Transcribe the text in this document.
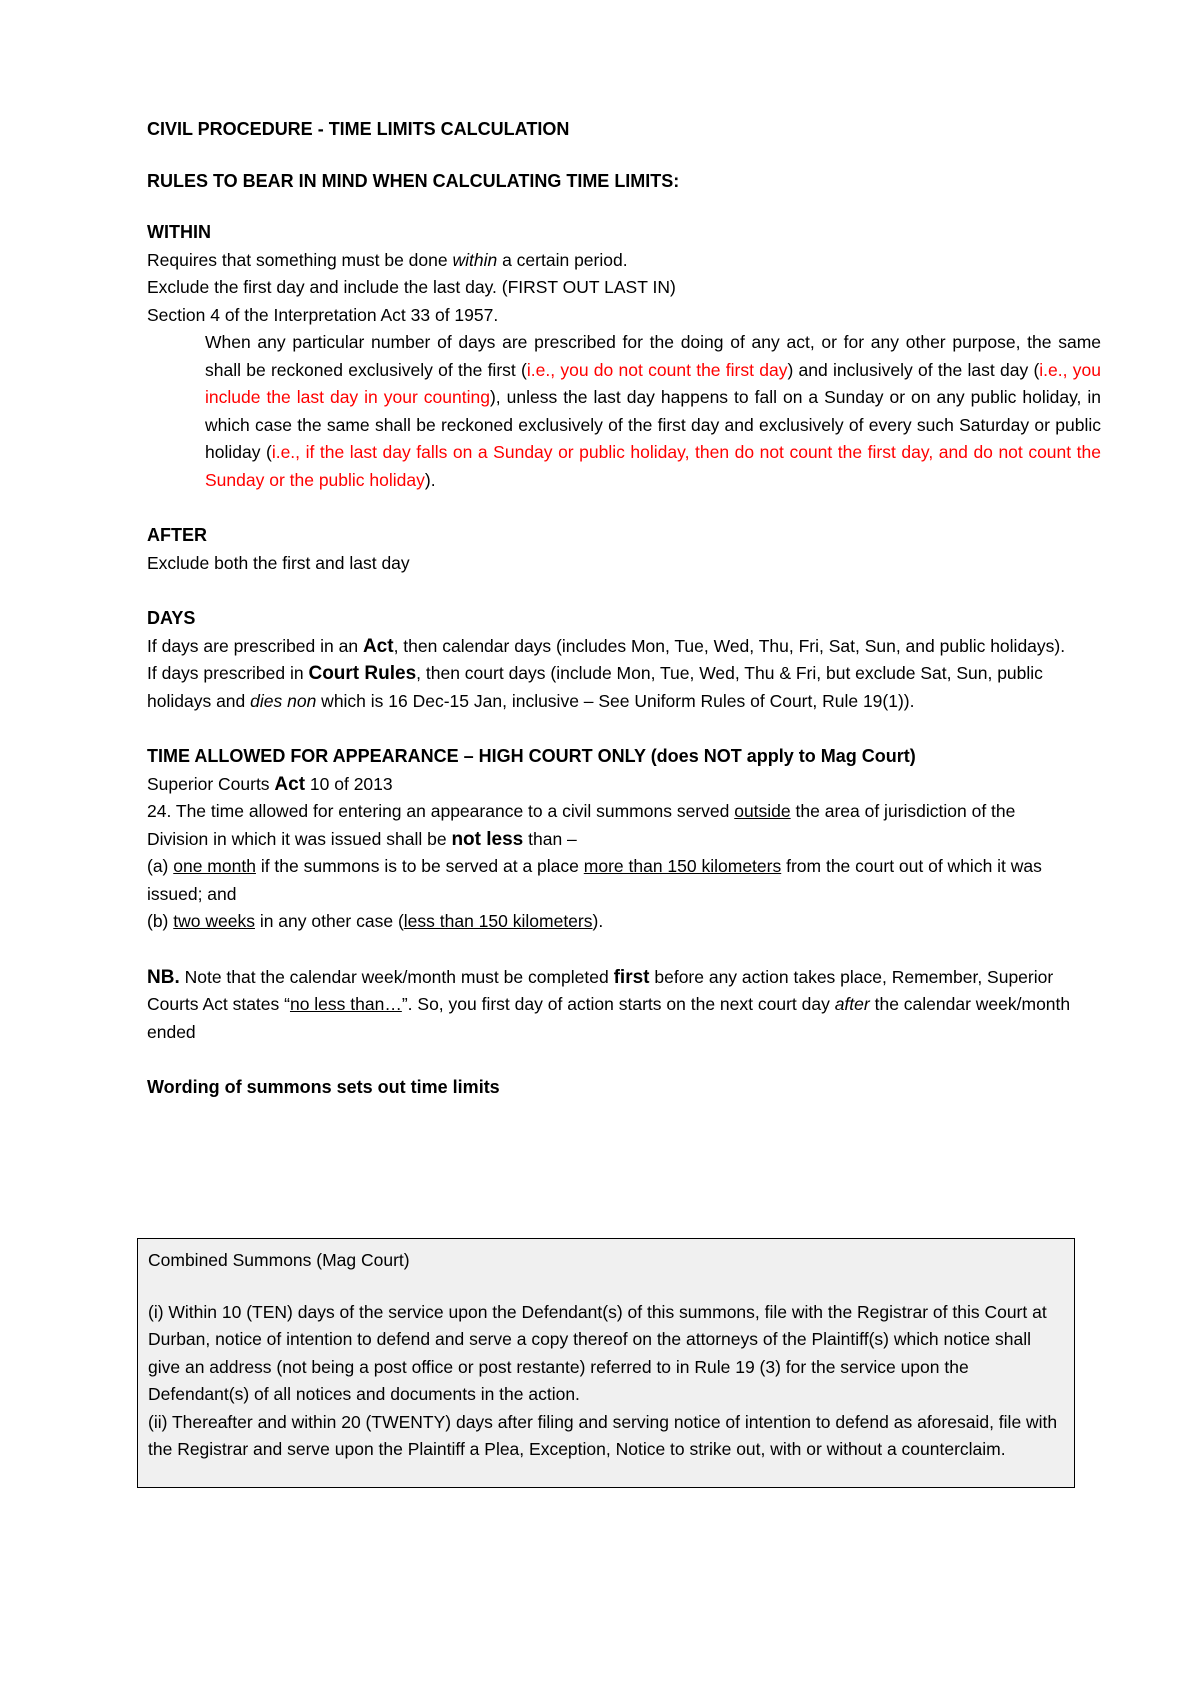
CIVIL PROCEDURE - TIME LIMITS CALCULATION

RULES TO BEAR IN MIND WHEN CALCULATING TIME LIMITS:

WITHIN

Requires that something must be done within a certain period.

Exclude the first day and include the last day. (FIRST OUT LAST IN)

Section 4 of the Interpretation Act 33 of 1957.

When any particular number of days are prescribed for the doing of any act, or for any other purpose, the same shall be reckoned exclusively of the first (i.e., you do not count the first day) and inclusively of the last day (i.e., you include the last day in your counting), unless the last day happens to fall on a Sunday or on any public holiday, in which case the same shall be reckoned exclusively of the first day and exclusively of every such Saturday or public holiday (i.e., if the last day falls on a Sunday or public holiday, then do not count the first day, and do not count the Sunday or the public holiday).

AFTER

Exclude both the first and last day

DAYS

If days are prescribed in an Act, then calendar days (includes Mon, Tue, Wed, Thu, Fri, Sat, Sun, and public holidays).

If days prescribed in Court Rules, then court days (include Mon, Tue, Wed, Thu & Fri, but exclude Sat, Sun, public holidays and dies non which is 16 Dec-15 Jan, inclusive – See Uniform Rules of Court, Rule 19(1)).

TIME ALLOWED FOR APPEARANCE – HIGH COURT ONLY (does NOT apply to Mag Court)

Superior Courts Act 10 of 2013

24. The time allowed for entering an appearance to a civil summons served outside the area of jurisdiction of the Division in which it was issued shall be not less than –

(a) one month if the summons is to be served at a place more than 150 kilometers from the court out of which it was issued; and

(b) two weeks in any other case (less than 150 kilometers).

NB. Note that the calendar week/month must be completed first before any action takes place, Remember, Superior Courts Act states “no less than…”. So, you first day of action starts on the next court day after the calendar week/month ended

Wording of summons sets out time limits

Combined Summons (Mag Court)

(i) Within 10 (TEN) days of the service upon the Defendant(s) of this summons, file with the Registrar of this Court at Durban, notice of intention to defend and serve a copy thereof on the attorneys of the Plaintiff(s) which notice shall give an address (not being a post office or post restante) referred to in Rule 19 (3) for the service upon the Defendant(s) of all notices and documents in the action.

(ii) Thereafter and within 20 (TWENTY) days after filing and serving notice of intention to defend as aforesaid, file with the Registrar and serve upon the Plaintiff a Plea, Exception, Notice to strike out, with or without a counterclaim.
